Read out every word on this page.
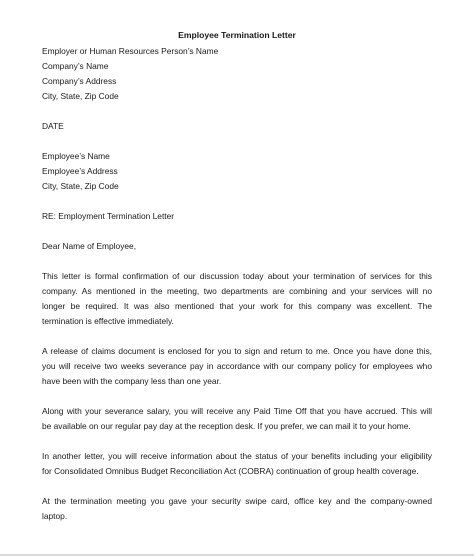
Employee Termination Letter
Employer or Human Resources Person’s Name
Company’s Name
Company’s Address
City, State, Zip Code
DATE
Employee’s Name
Employee’s Address
City, State, Zip Code
RE: Employment Termination Letter
Dear Name of Employee,
This letter is formal confirmation of our discussion today about your termination of services for this
company. As mentioned in the meeting, two departments are combining and your services will no
longer be required. It was also mentioned that your work for this company was excellent. The
termination is effective immediately.
A release of claims document is enclosed for you to sign and return to me. Once you have done this,
you will receive two weeks severance pay in accordance with our company policy for employees who
have been with the company less than one year.
Along with your severance salary, you will receive any Paid Time Off that you have accrued. This will
be available on our regular pay day at the reception desk. If you prefer, we can mail it to your home.
In another letter, you will receive information about the status of your benefits including your eligibility
for Consolidated Omnibus Budget Reconciliation Act (COBRA) continuation of group health coverage.
At the termination meeting you gave your security swipe card, office key and the company-owned
laptop.
